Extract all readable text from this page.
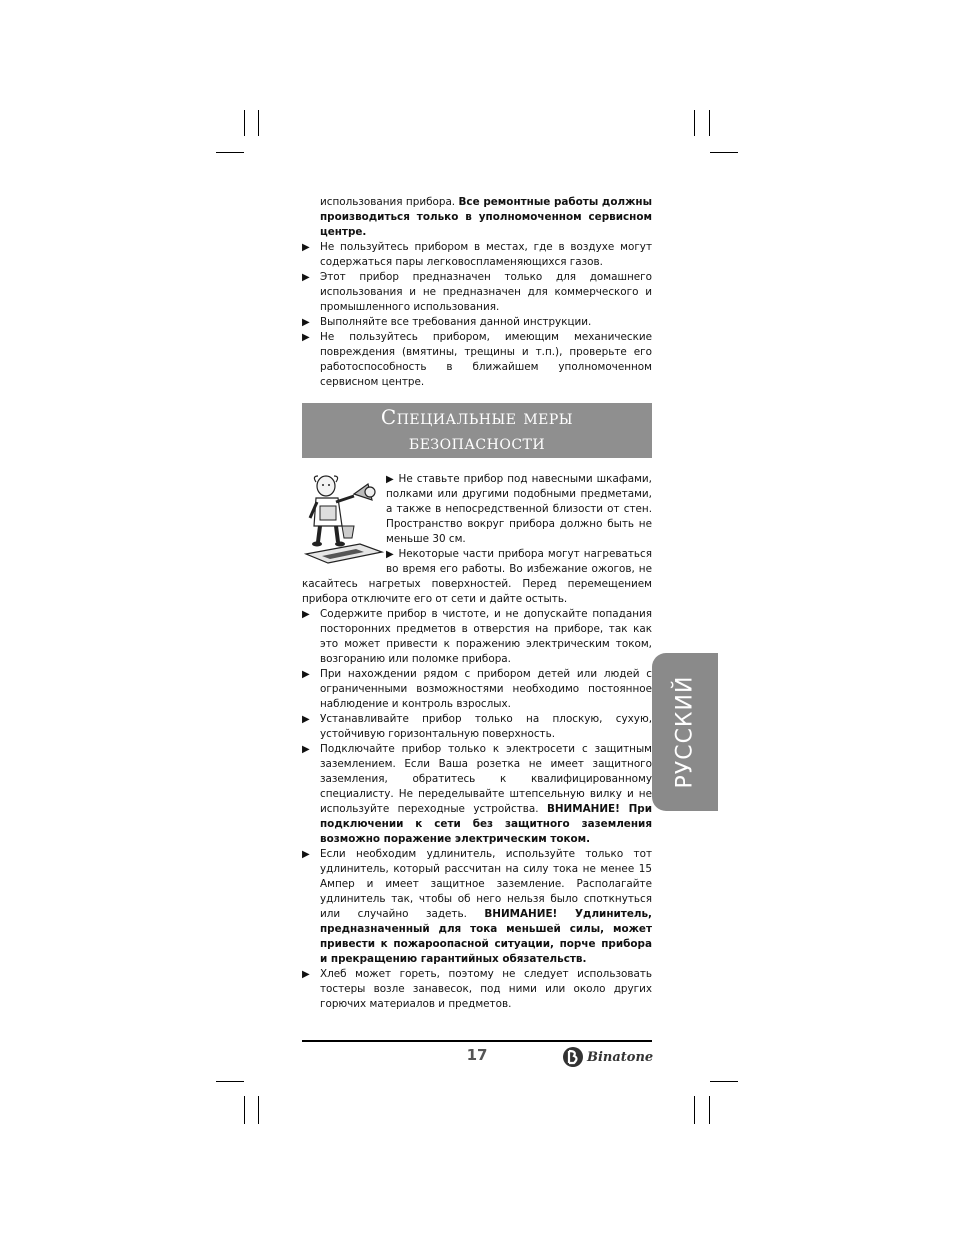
использования прибора. Все ремонтные работы должны производиться только в уполномоченном сервисном центре.

▶ Не пользуйтесь прибором в местах, где в воздухе могут содержаться пары легковоспламеняющихся газов.

▶ Этот прибор предназначен только для домашнего использования и не предназначен для коммерческого и промышленного использования.

▶ Выполняйте все требования данной инструкции.

▶ Не пользуйтесь прибором, имеющим механические повреждения (вмятины, трещины и т.п.), проверьте его работоспособность в ближайшем уполномоченном сервисном центре.

Специальные меры
безопасности

▶ Не ставьте прибор под навесными шкафами, полками или другими подобными предметами, а также в непосредственной близости от стен. Пространство вокруг прибора должно быть не меньше 30 см.

▶ Некоторые части прибора могут нагреваться во время его работы. Во избежание ожогов, не касайтесь нагретых поверхностей. Перед перемещением прибора отключите его от сети и дайте остыть.

▶ Содержите прибор в чистоте, и не допускайте попадания посторонних предметов в отверстия на приборе, так как это может привести к поражению электрическим током, возгоранию или поломке прибора.

▶ При нахождении рядом с прибором детей или людей с ограниченными возможностями необходимо постоянное наблюдение и контроль взрослых.

▶ Устанавливайте прибор только на плоскую, сухую, устойчивую горизонтальную поверхность.

▶ Подключайте прибор только к электросети с защитным заземлением. Если Ваша розетка не имеет защитного заземления, обратитесь к квалифицированному специалисту. Не переделывайте штепсельную вилку и не используйте переходные устройства. ВНИМАНИЕ! При подключении к сети без защитного заземления возможно поражение электрическим током.

▶ Если необходим удлинитель, используйте только тот удлинитель, который рассчитан на силу тока не менее 15 Ампер и имеет защитное заземление. Располагайте удлинитель так, чтобы об него нельзя было споткнуться или случайно задеть. ВНИМАНИЕ! Удлинитель, предназначенный для тока меньшей силы, может привести к пожароопасной ситуации, порче прибора и прекращению гарантийных обязательств.

▶ Хлеб может гореть, поэтому не следует использовать тостеры возле занавесок, под ними или около других горючих материалов и предметов.

РУССКИЙ
17	Binatone
